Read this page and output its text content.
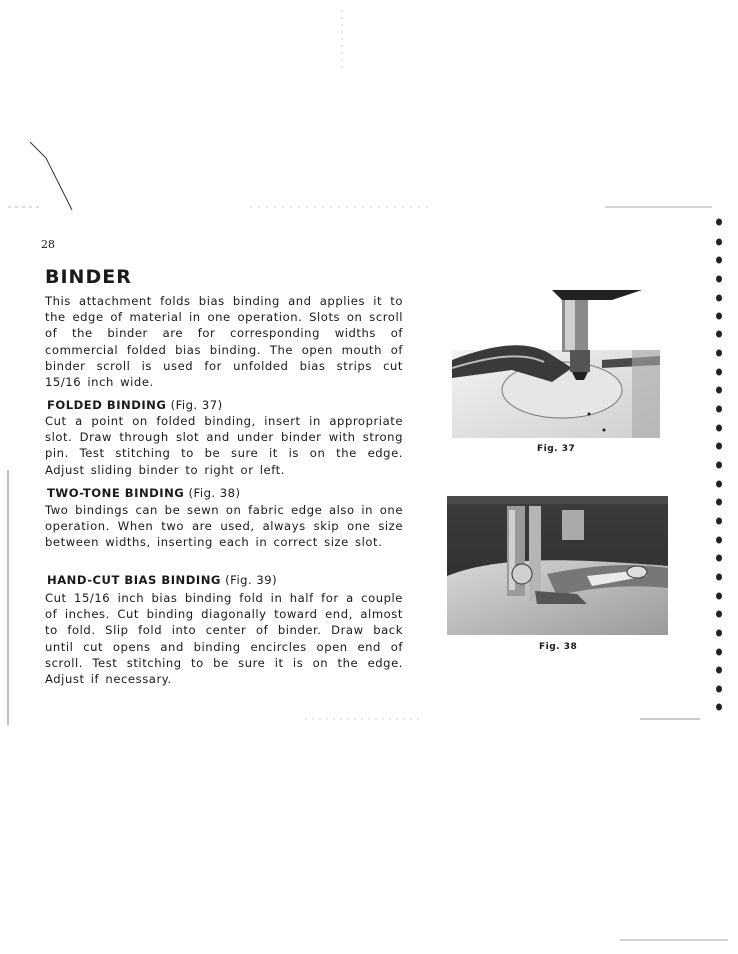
28
BINDER

This attachment folds bias binding and applies it to the edge of material in one operation. Slots on scroll of the binder are for corresponding widths of commercial folded bias binding. The open mouth of binder scroll is used for unfolded bias strips cut 15/16 inch wide.

FOLDED BINDING (Fig. 37)

Cut a point on folded binding, insert in appropriate slot. Draw through slot and under binder with strong pin. Test stitching to be sure it is on the edge. Adjust sliding binder to right or left.

TWO-TONE BINDING (Fig. 38)

Two bindings can be sewn on fabric edge also in one operation. When two are used, always skip one size between widths, inserting each in correct size slot.

HAND-CUT BIAS BINDING (Fig. 39)

Cut 15/16 inch bias binding fold in half for a couple of inches. Cut binding diagonally toward end, almost to fold. Slip fold into center of binder. Draw back until cut opens and binding encircles open end of scroll. Test stitching to be sure it is on the edge. Adjust if necessary.

Fig. 37
Fig. 38
